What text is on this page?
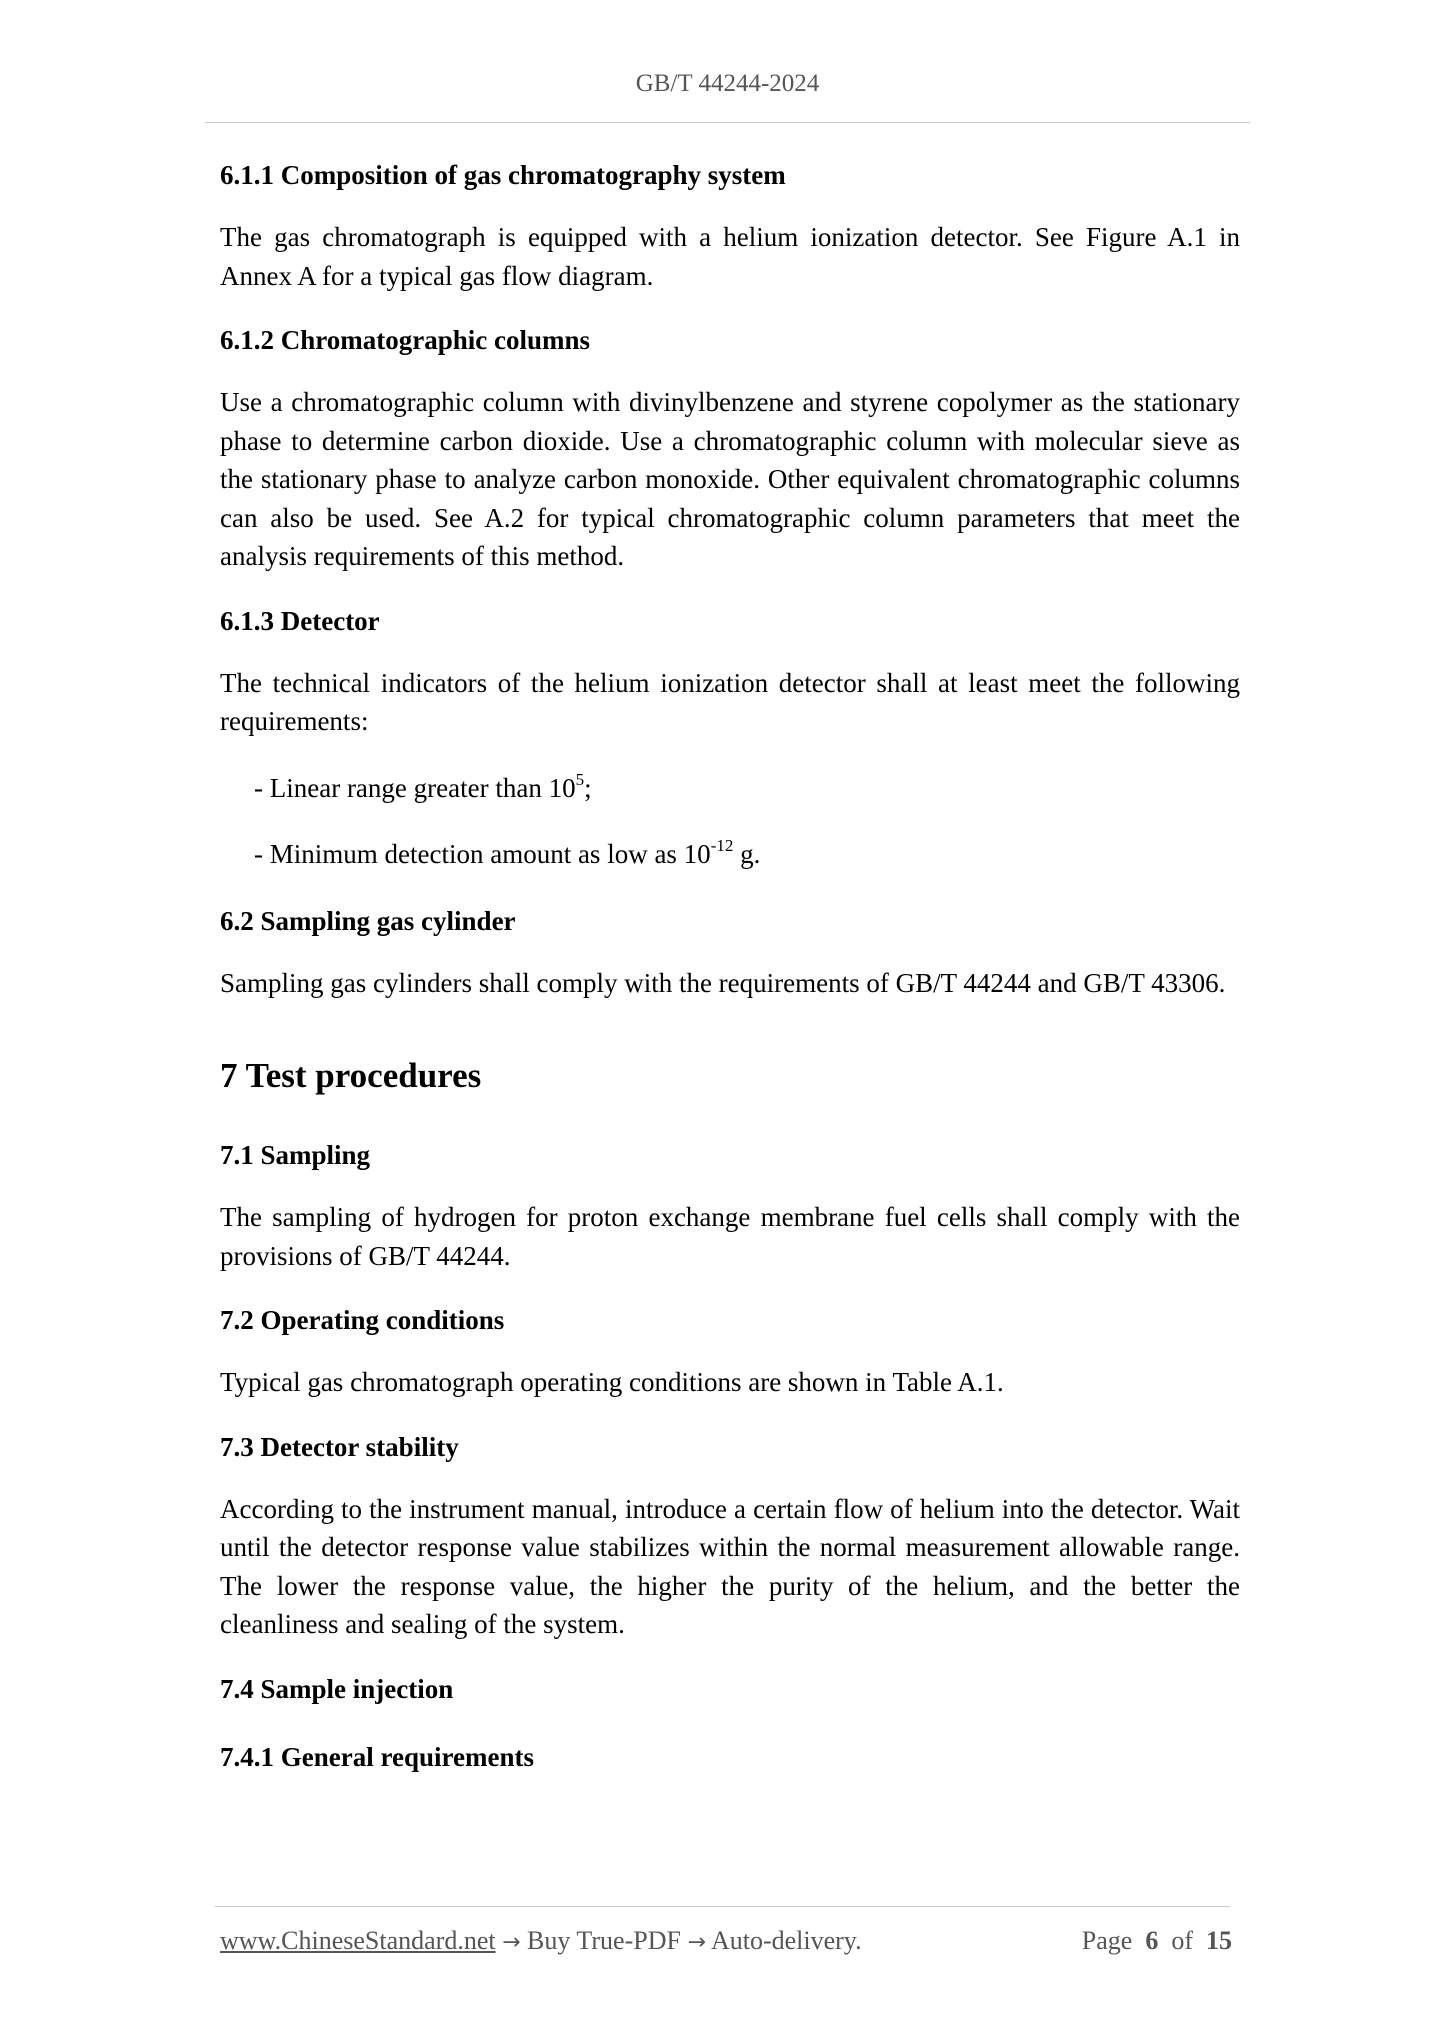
GB/T 44244-2024
6.1.1 Composition of gas chromatography system

The gas chromatograph is equipped with a helium ionization detector. See Figure A.1 in Annex A for a typical gas flow diagram.

6.1.2 Chromatographic columns

Use a chromatographic column with divinylbenzene and styrene copolymer as the stationary phase to determine carbon dioxide. Use a chromatographic column with molecular sieve as the stationary phase to analyze carbon monoxide. Other equivalent chromatographic columns can also be used. See A.2 for typical chromatographic column parameters that meet the analysis requirements of this method.

6.1.3 Detector

The technical indicators of the helium ionization detector shall at least meet the following requirements:

- Linear range greater than $10^5$;

- Minimum detection amount as low as $10^{-12}$ g.

6.2 Sampling gas cylinder

Sampling gas cylinders shall comply with the requirements of GB/T 44244 and GB/T 43306.

7 Test procedures
7.1 Sampling

The sampling of hydrogen for proton exchange membrane fuel cells shall comply with the provisions of GB/T 44244.

7.2 Operating conditions

Typical gas chromatograph operating conditions are shown in Table A.1.

7.3 Detector stability

According to the instrument manual, introduce a certain flow of helium into the detector. Wait until the detector response value stabilizes within the normal measurement allowable range. The lower the response value, the higher the purity of the helium, and the better the cleanliness and sealing of the system.

7.4 Sample injection
7.4.1 General requirements
www.ChineseStandard.net → Buy True-PDF → Auto-delivery.	Page 6 of 15
